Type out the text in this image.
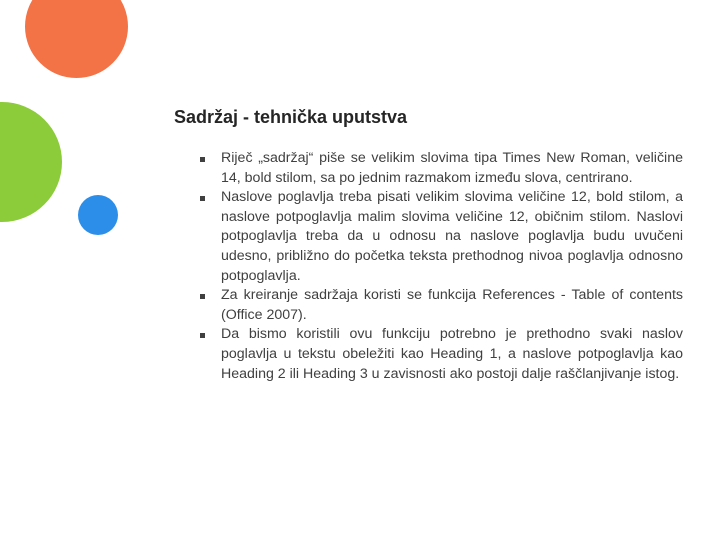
Sadržaj - tehnička uputstva
Riječ „sadržaj“ piše se velikim slovima tipa Times New Roman, veličine 14, bold stilom, sa po jednim razmakom između slova, centrirano.
Naslove poglavlja treba pisati velikim slovima veličine 12, bold stilom, a naslove potpoglavlja malim slovima veličine 12, običnim stilom. Naslovi potpoglavlja treba da u odnosu na naslove poglavlja budu uvučeni udesno, približno do početka teksta prethodnog nivoa poglavlja odnosno potpoglavlja.
Za kreiranje sadržaja koristi se funkcija References - Table of contents (Office 2007).
Da bismo koristili ovu funkciju potrebno je prethodno svaki naslov poglavlja u tekstu obeležiti kao Heading 1, a naslove potpoglavlja kao Heading 2 ili Heading 3 u zavisnosti ako postoji dalje raščlanjivanje istog.
